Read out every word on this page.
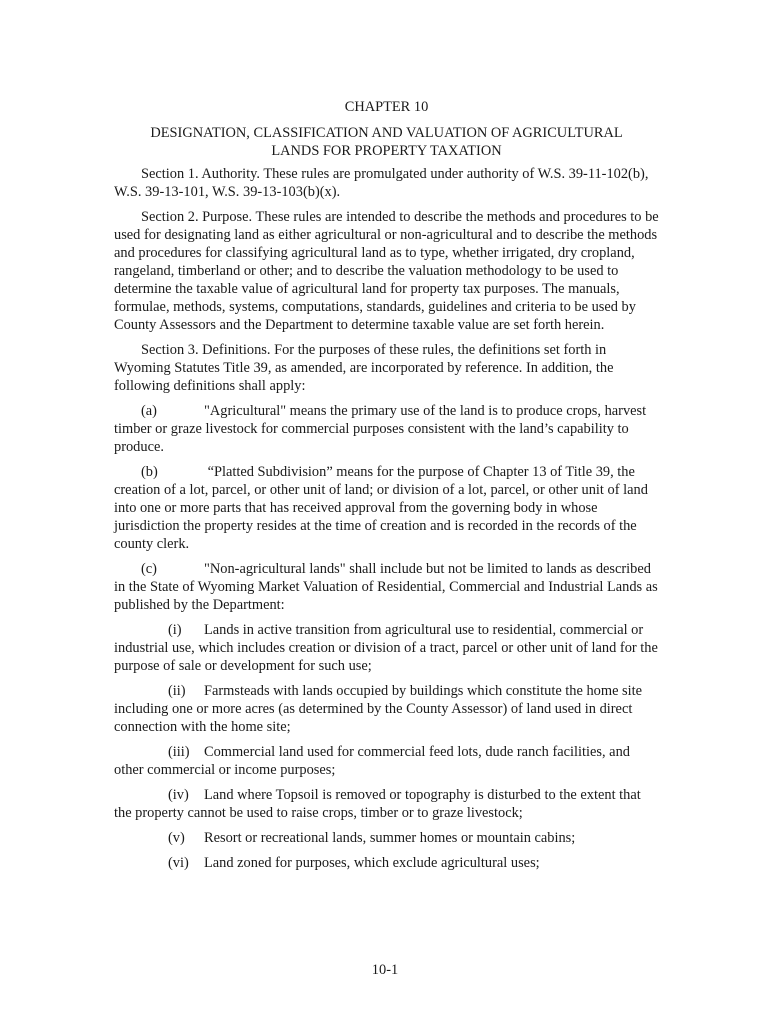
CHAPTER 10
DESIGNATION, CLASSIFICATION AND VALUATION OF AGRICULTURAL
LANDS FOR PROPERTY TAXATION

Section 1. Authority. These rules are promulgated under authority of W.S. 39-11-102(b), W.S. 39-13-101, W.S. 39-13-103(b)(x).

Section 2. Purpose. These rules are intended to describe the methods and procedures to be used for designating land as either agricultural or non-agricultural and to describe the methods and procedures for classifying agricultural land as to type, whether irrigated, dry cropland, rangeland, timberland or other; and to describe the valuation methodology to be used to determine the taxable value of agricultural land for property tax purposes. The manuals, formulae, methods, systems, computations, standards, guidelines and criteria to be used by County Assessors and the Department to determine taxable value are set forth herein.

Section 3. Definitions. For the purposes of these rules, the definitions set forth in Wyoming Statutes Title 39, as amended, are incorporated by reference. In addition, the following definitions shall apply:

(a)	"Agricultural" means the primary use of the land is to produce crops, harvest timber or graze livestock for commercial purposes consistent with the land’s capability to produce.

(b)	“Platted Subdivision” means for the purpose of Chapter 13 of Title 39, the creation of a lot, parcel, or other unit of land; or division of a lot, parcel, or other unit of land into one or more parts that has received approval from the governing body in whose jurisdiction the property resides at the time of creation and is recorded in the records of the county clerk.

(c)	"Non-agricultural lands" shall include but not be limited to lands as described in the State of Wyoming Market Valuation of Residential, Commercial and Industrial Lands as published by the Department:

(i) Lands in active transition from agricultural use to residential, commercial or industrial use, which includes creation or division of a tract, parcel or other unit of land for the purpose of sale or development for such use;

(ii) Farmsteads with lands occupied by buildings which constitute the home site including one or more acres (as determined by the County Assessor) of land used in direct connection with the home site;

(iii) Commercial land used for commercial feed lots, dude ranch facilities, and other commercial or income purposes;

(iv) Land where Topsoil is removed or topography is disturbed to the extent that the property cannot be used to raise crops, timber or to graze livestock;

(v) Resort or recreational lands, summer homes or mountain cabins;

(vi) Land zoned for purposes, which exclude agricultural uses;

10-1
